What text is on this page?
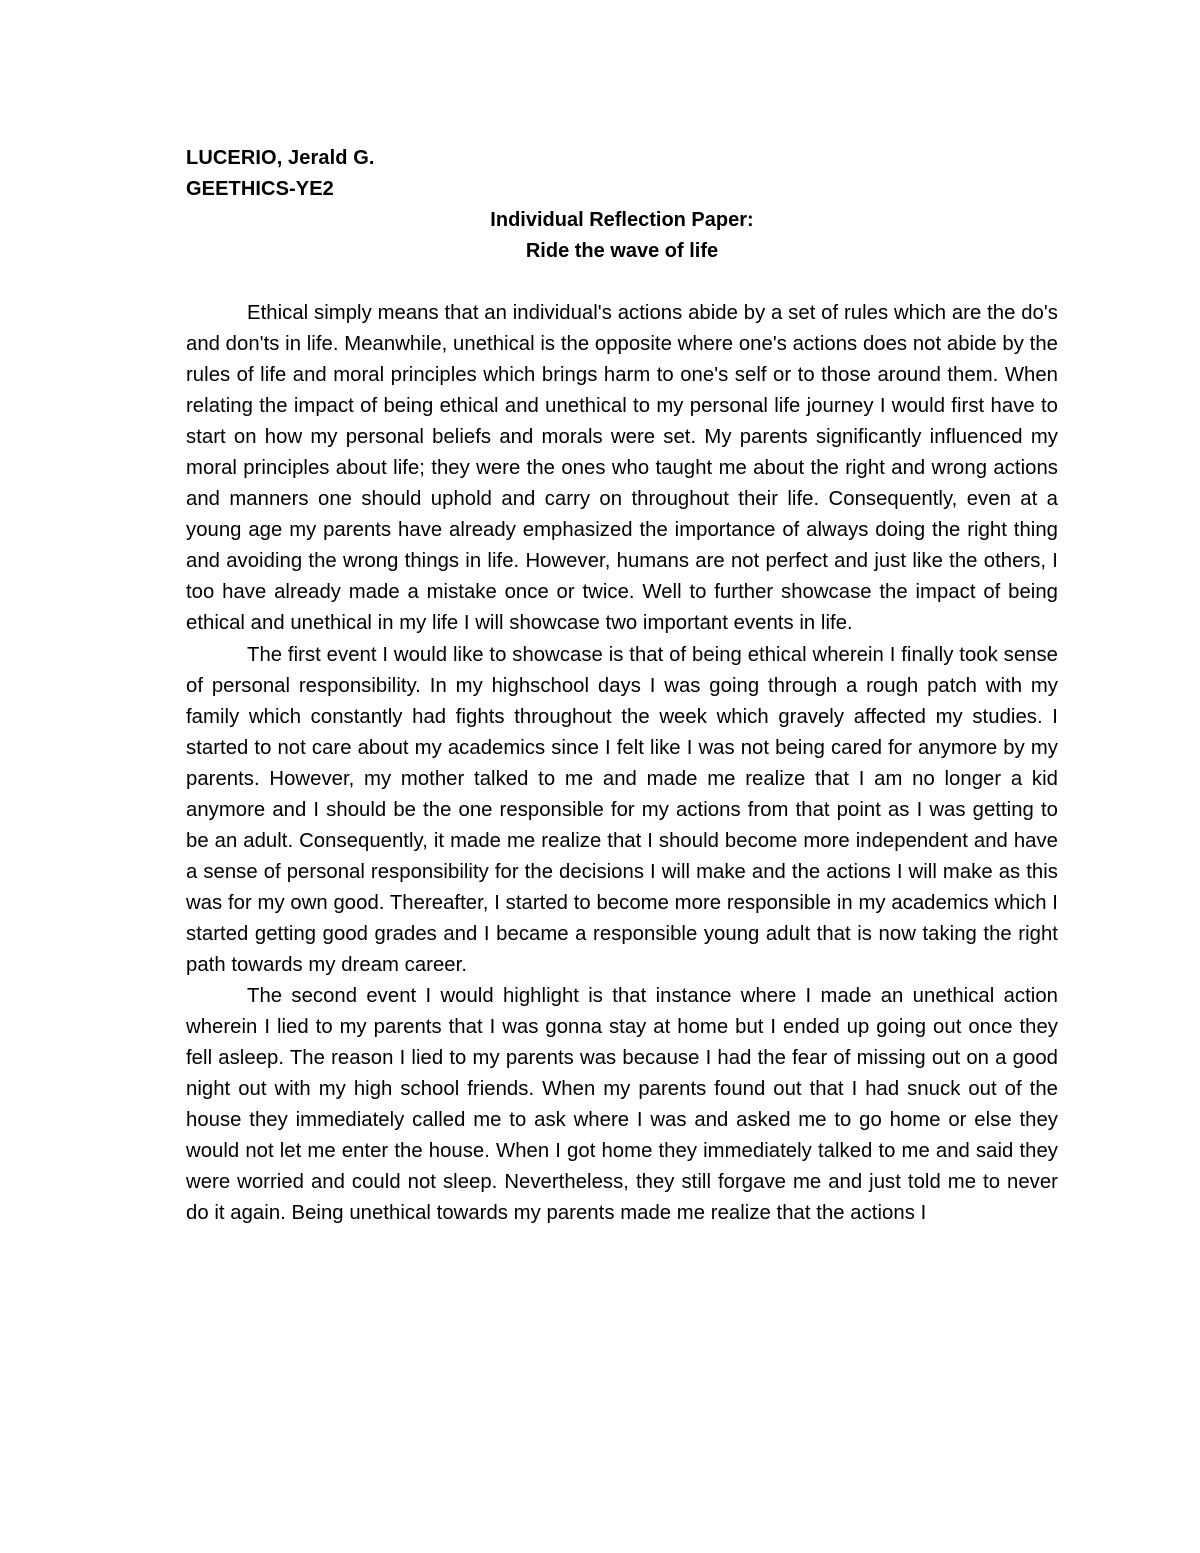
LUCERIO, Jerald G.

GEETHICS-YE2

Individual Reflection Paper:

Ride the wave of life

Ethical simply means that an individual's actions abide by a set of rules which are the do's and don'ts in life. Meanwhile, unethical is the opposite where one's actions does not abide by the rules of life and moral principles which brings harm to one's self or to those around them. When relating the impact of being ethical and unethical to my personal life journey I would first have to start on how my personal beliefs and morals were set. My parents significantly influenced my moral principles about life; they were the ones who taught me about the right and wrong actions and manners one should uphold and carry on throughout their life. Consequently, even at a young age my parents have already emphasized the importance of always doing the right thing and avoiding the wrong things in life. However, humans are not perfect and just like the others, I too have already made a mistake once or twice. Well to further showcase the impact of being ethical and unethical in my life I will showcase two important events in life.

The first event I would like to showcase is that of being ethical wherein I finally took sense of personal responsibility. In my highschool days I was going through a rough patch with my family which constantly had fights throughout the week which gravely affected my studies. I started to not care about my academics since I felt like I was not being cared for anymore by my parents. However, my mother talked to me and made me realize that I am no longer a kid anymore and I should be the one responsible for my actions from that point as I was getting to be an adult. Consequently, it made me realize that I should become more independent and have a sense of personal responsibility for the decisions I will make and the actions I will make as this was for my own good. Thereafter, I started to become more responsible in my academics which I started getting good grades and I became a responsible young adult that is now taking the right path towards my dream career.

The second event I would highlight is that instance where I made an unethical action wherein I lied to my parents that I was gonna stay at home but I ended up going out once they fell asleep. The reason I lied to my parents was because I had the fear of missing out on a good night out with my high school friends. When my parents found out that I had snuck out of the house they immediately called me to ask where I was and asked me to go home or else they would not let me enter the house. When I got home they immediately talked to me and said they were worried and could not sleep. Nevertheless, they still forgave me and just told me to never do it again. Being unethical towards my parents made me realize that the actions I
